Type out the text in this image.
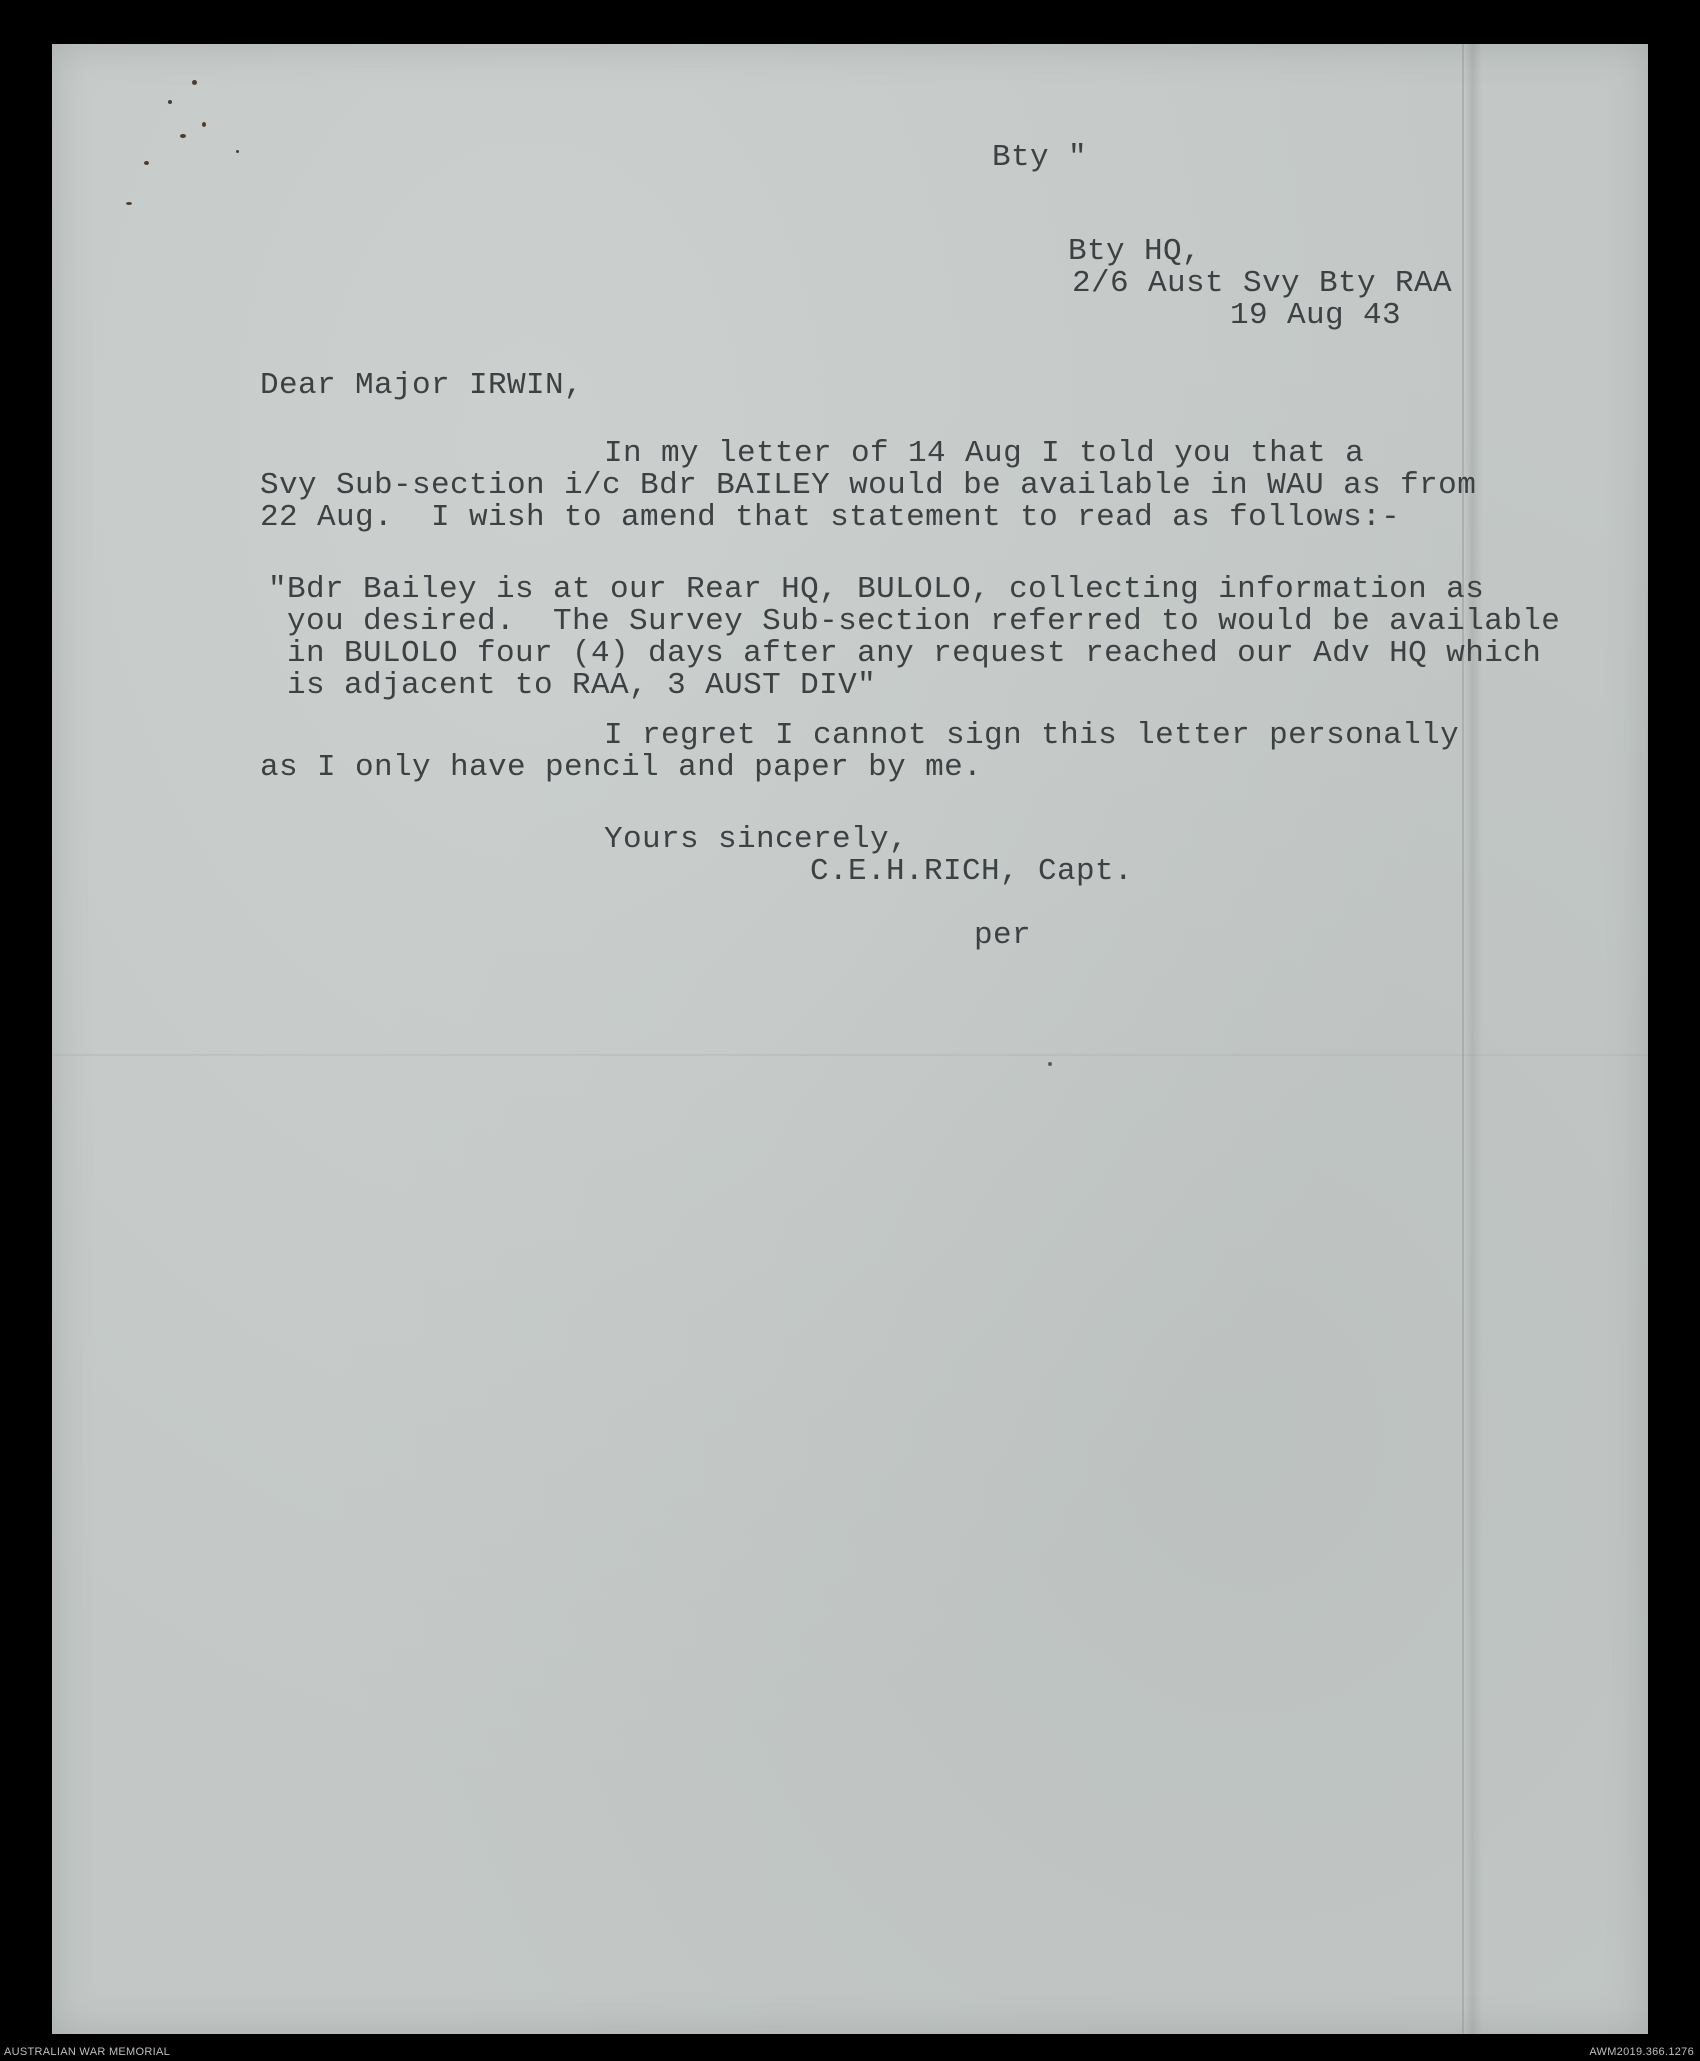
Bty "

Bty HQ,

2/6 Aust Svy Bty RAA

19 Aug 43

Dear Major IRWIN,

In my letter of 14 Aug I told you that a

Svy Sub-section i/c Bdr BAILEY would be available in WAU as from

22 Aug.  I wish to amend that statement to read as follows:-

"Bdr Bailey is at our Rear HQ, BULOLO, collecting information as

you desired.  The Survey Sub-section referred to would be available

in BULOLO four (4) days after any request reached our Adv HQ which

is adjacent to RAA, 3 AUST DIV"

I regret I cannot sign this letter personally

as I only have pencil and paper by me.

Yours sincerely,

C.E.H.RICH, Capt.

per

AUSTRALIAN WAR MEMORIAL	AWM2019.366.1276
